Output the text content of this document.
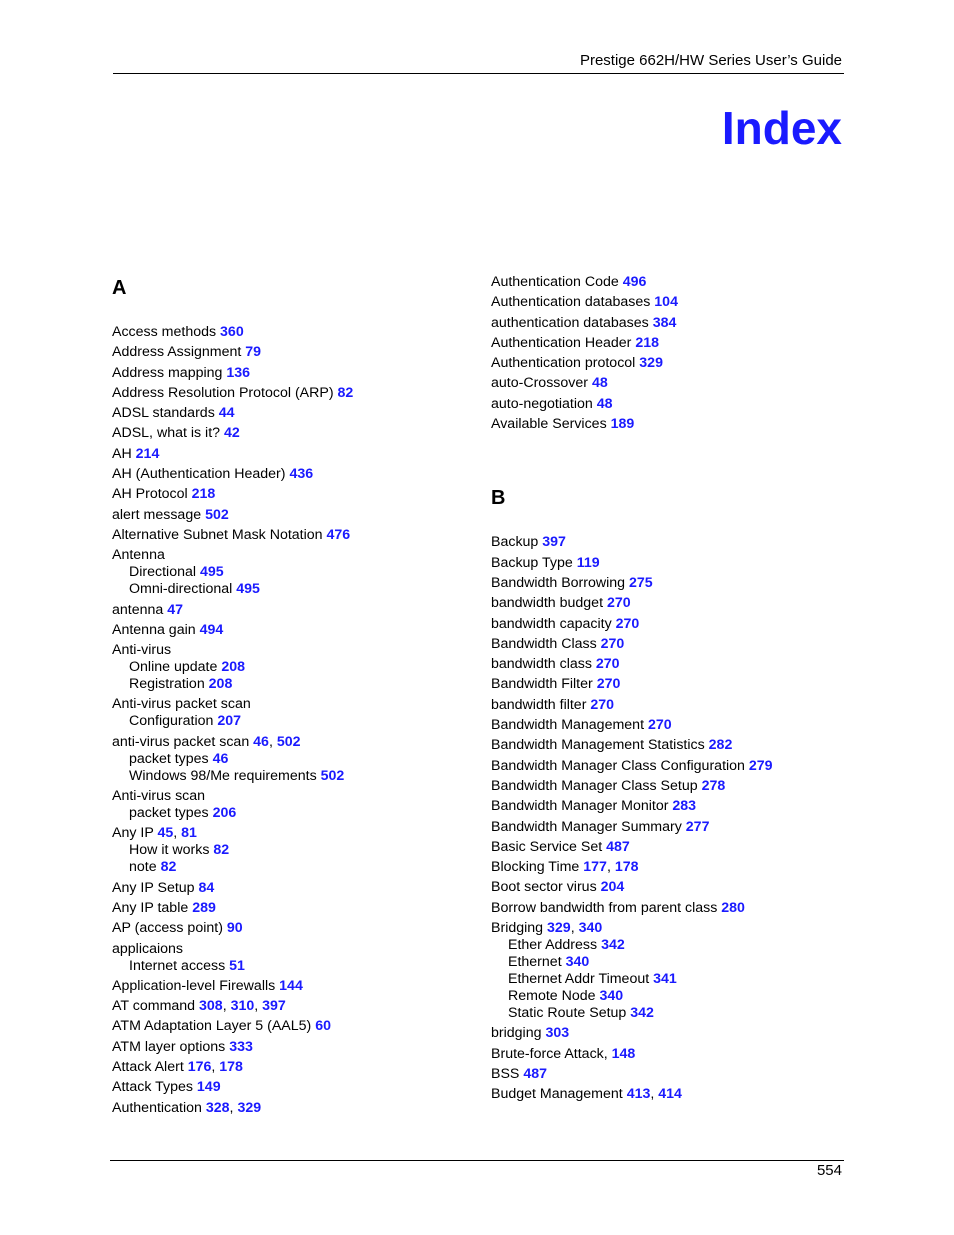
Prestige 662H/HW Series User’s Guide
Index
A
Access methods 360
Address Assignment 79
Address mapping 136
Address Resolution Protocol (ARP) 82
ADSL standards 44
ADSL, what is it? 42
AH 214
AH (Authentication Header) 436
AH Protocol 218
alert message 502
Alternative Subnet Mask Notation 476
Antenna
Directional 495
Omni-directional 495
antenna 47
Antenna gain 494
Anti-virus
Online update 208
Registration 208
Anti-virus packet scan
Configuration 207
anti-virus packet scan 46, 502
packet types 46
Windows 98/Me requirements 502
Anti-virus scan
packet types 206
Any IP 45, 81
How it works 82
note 82
Any IP Setup 84
Any IP table 289
AP (access point) 90
applicaions
Internet access 51
Application-level Firewalls 144
AT command 308, 310, 397
ATM Adaptation Layer 5 (AAL5) 60
ATM layer options 333
Attack Alert 176, 178
Attack Types 149
Authentication 328, 329
Authentication Code 496
Authentication databases 104
authentication databases 384
Authentication Header 218
Authentication protocol 329
auto-Crossover 48
auto-negotiation 48
Available Services 189
B
Backup 397
Backup Type 119
Bandwidth Borrowing 275
bandwidth budget 270
bandwidth capacity 270
Bandwidth Class 270
bandwidth class 270
Bandwidth Filter 270
bandwidth filter 270
Bandwidth Management 270
Bandwidth Management Statistics 282
Bandwidth Manager Class Configuration 279
Bandwidth Manager Class Setup 278
Bandwidth Manager Monitor 283
Bandwidth Manager Summary 277
Basic Service Set 487
Blocking Time 177, 178
Boot sector virus 204
Borrow bandwidth from parent class 280
Bridging 329, 340
Ether Address 342
Ethernet 340
Ethernet Addr Timeout 341
Remote Node 340
Static Route Setup 342
bridging 303
Brute-force Attack, 148
BSS 487
Budget Management 413, 414
554
